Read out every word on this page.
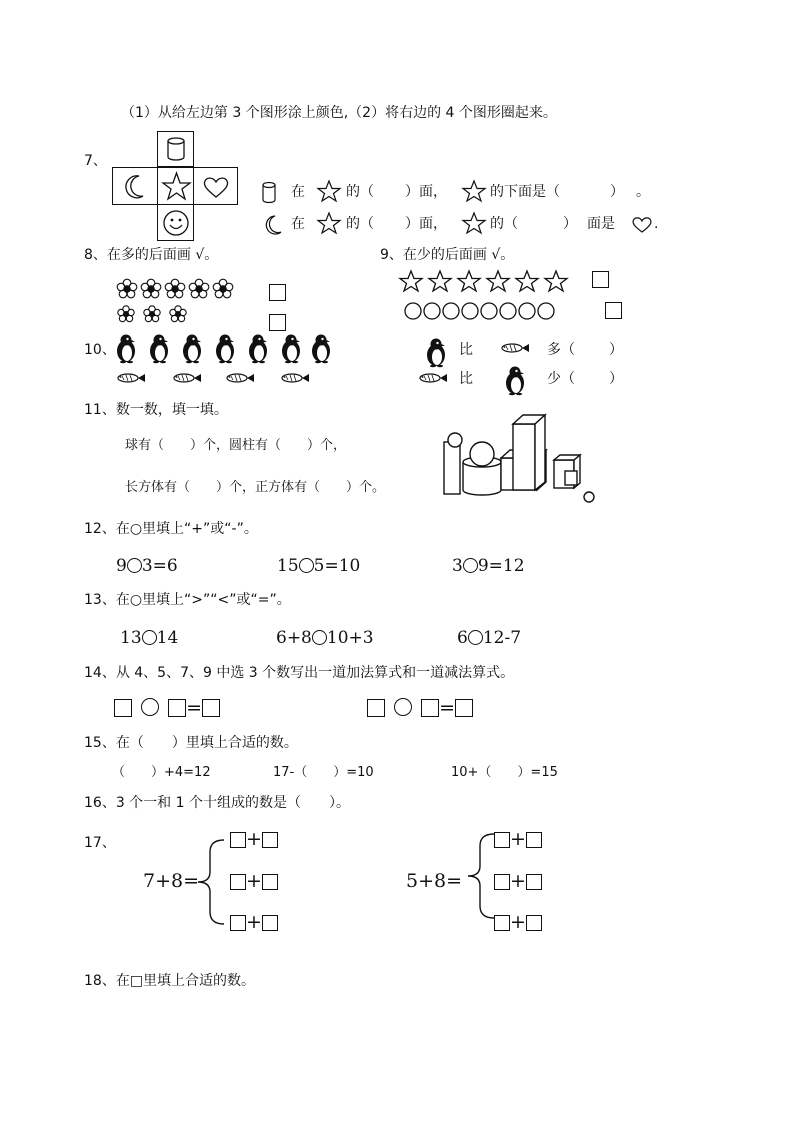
（1）从给左边第 3 个图形涂上颜色,（2）将右边的 4 个图形圈起来。
7、
在	的（ ）面，	的下面是（	） 。
在	的（ ）面，	的（	） 面是	.
8、在多的后面画 √。	9、在少的后面画 √。
10、	比	多（ ）
比	少（ ）
11、数一数，填一填。
球有（　　）个，圆柱有（　　）个，
长方体有（　　）个，正方体有（　　）个。
12、在○里填上“+”或“-”。
9 3=6	15 5=10	3 9=12
13、在○里填上“>”“<”或“=”。
13 14	6+8 10+3	6 12-7
14、从 4、5、7、9 中选 3 个数写出一道加法算式和一道减法算式。
=	=
15、在（　　）里填上合适的数。
（　　）+4=12	17-（　　）=10	10+（　　）=15
16、3 个一和 1 个十组成的数是（　　）。
17、
7+8=
+
+
+
5+8=
+
+
+
18、在□里填上合适的数。
